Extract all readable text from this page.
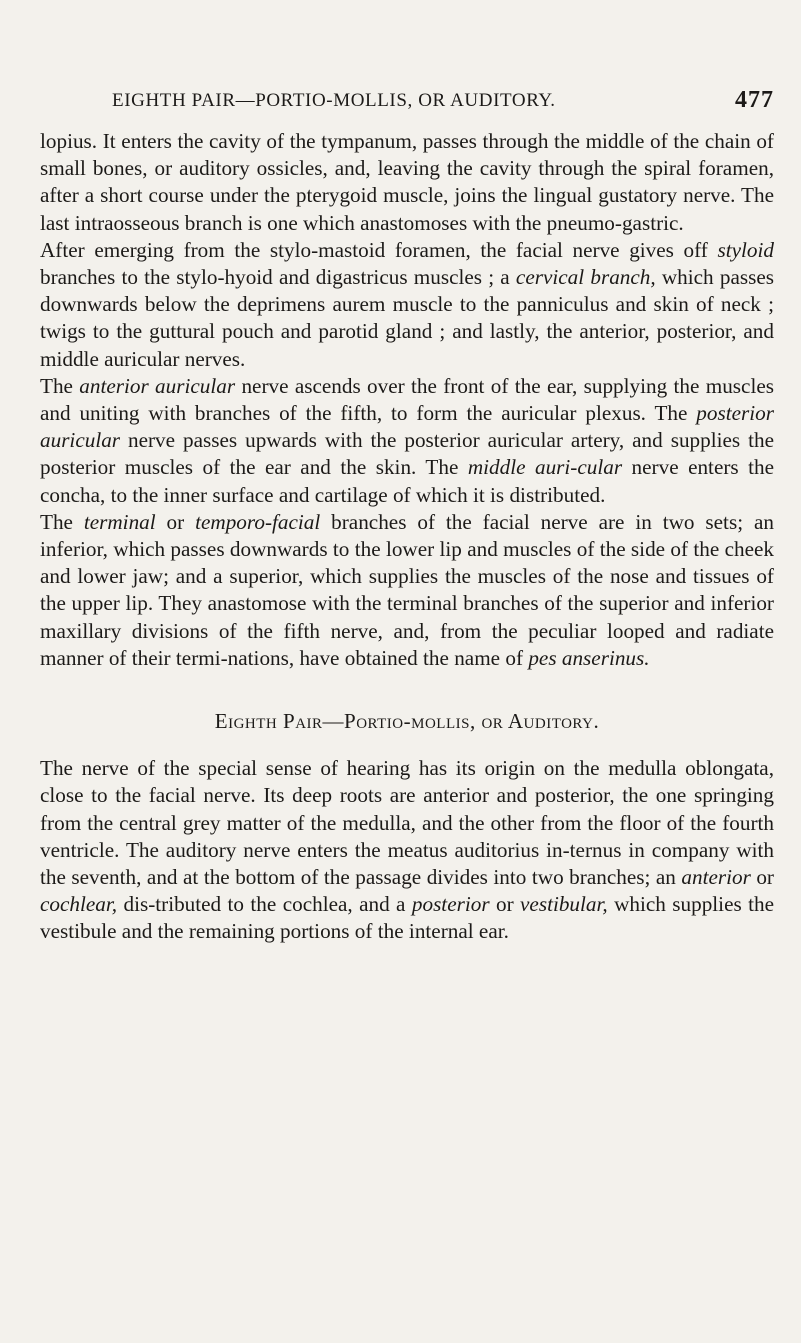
EIGHTH PAIR—PORTIO-MOLLIS, OR AUDITORY.	477

lopius. It enters the cavity of the tympanum, passes through the middle of the chain of small bones, or auditory ossicles, and, leaving the cavity through the spiral foramen, after a short course under the pterygoid muscle, joins the lingual gustatory nerve. The last intraosseous branch is one which anastomoses with the pneumo-gastric.

After emerging from the stylo-mastoid foramen, the facial nerve gives off styloid branches to the stylo-hyoid and digastricus muscles ; a cervical branch, which passes downwards below the deprimens aurem muscle to the panniculus and skin of neck ; twigs to the guttural pouch and parotid gland ; and lastly, the anterior, posterior, and middle auricular nerves.

The anterior auricular nerve ascends over the front of the ear, supplying the muscles and uniting with branches of the fifth, to form the auricular plexus. The posterior auricular nerve passes upwards with the posterior auricular artery, and supplies the posterior muscles of the ear and the skin. The middle auri-cular nerve enters the concha, to the inner surface and cartilage of which it is distributed.

The terminal or temporo-facial branches of the facial nerve are in two sets; an inferior, which passes downwards to the lower lip and muscles of the side of the cheek and lower jaw; and a superior, which supplies the muscles of the nose and tissues of the upper lip. They anastomose with the terminal branches of the superior and inferior maxillary divisions of the fifth nerve, and, from the peculiar looped and radiate manner of their termi-nations, have obtained the name of pes anserinus.

Eighth Pair—Portio-mollis, or Auditory.

The nerve of the special sense of hearing has its origin on the medulla oblongata, close to the facial nerve. Its deep roots are anterior and posterior, the one springing from the central grey matter of the medulla, and the other from the floor of the fourth ventricle. The auditory nerve enters the meatus auditorius in-ternus in company with the seventh, and at the bottom of the passage divides into two branches; an anterior or cochlear, dis-tributed to the cochlea, and a posterior or vestibular, which supplies the vestibule and the remaining portions of the internal ear.
